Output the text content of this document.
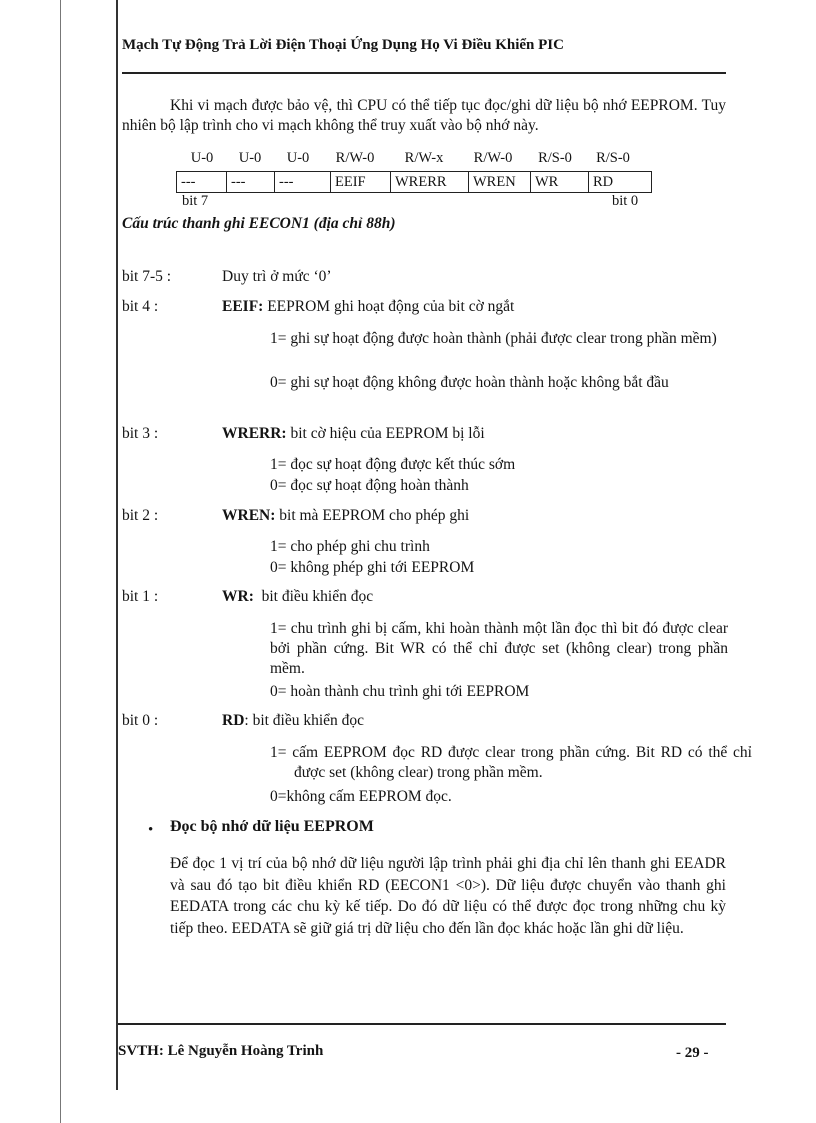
Mạch Tự Động Trả Lời Điện Thoại Ứng Dụng Họ Vi Điều Khiển PIC
Khi vi mạch được bảo vệ, thì CPU có thể tiếp tục đọc/ghi dữ liệu bộ nhớ EEPROM. Tuy nhiên bộ lập trình cho vi mạch không thể truy xuất vào bộ nhớ này.
U-0 U-0 U-0 R/W-0 R/W-x R/W-0 R/S-0 R/S-0
---	---	---	EEIF	WRERR	WREN	WR	RD
bit 7	bit 0
Cấu trúc thanh ghi EECON1 (địa chỉ 88h)
bit 7-5 :	Duy trì ở mức ‘0’
bit 4 :	EEIF: EEPROM ghi hoạt động của bit cờ ngắt
1= ghi sự hoạt động được hoàn thành (phải được clear trong phần mềm)
0= ghi sự hoạt động không được hoàn thành hoặc không bắt đầu
bit 3 :	WRERR: bit cờ hiệu của EEPROM bị lỗi
1= đọc sự hoạt động được kết thúc sớm
0= đọc sự hoạt động hoàn thành
bit 2 :	WREN: bit mà EEPROM cho phép ghi
1= cho phép ghi chu trình
0= không phép ghi tới EEPROM
bit 1 :	WR: bit điều khiển đọc
1= chu trình ghi bị cấm, khi hoàn thành một lần đọc thì bit đó được clear bởi phần cứng. Bit WR có thể chỉ được set (không clear) trong phần mềm.
0= hoàn thành chu trình ghi tới EEPROM
bit 0 :	RD: bit điều khiển đọc
1= cấm EEPROM đọc RD được clear trong phần cứng. Bit RD có thể chỉ được set (không clear) trong phần mềm.
0=không cấm EEPROM đọc.
• Đọc bộ nhớ dữ liệu EEPROM
Để đọc 1 vị trí của bộ nhớ dữ liệu người lập trình phải ghi địa chỉ lên thanh ghi EEADR và sau đó tạo bit điều khiển RD (EECON1 <0>). Dữ liệu được chuyển vào thanh ghi EEDATA trong các chu kỳ kế tiếp. Do đó dữ liệu có thể được đọc trong những chu kỳ tiếp theo. EEDATA sẽ giữ giá trị dữ liệu cho đến lần đọc khác hoặc lần ghi dữ liệu.
SVTH: Lê Nguyễn Hoàng Trinh	- 29 -
